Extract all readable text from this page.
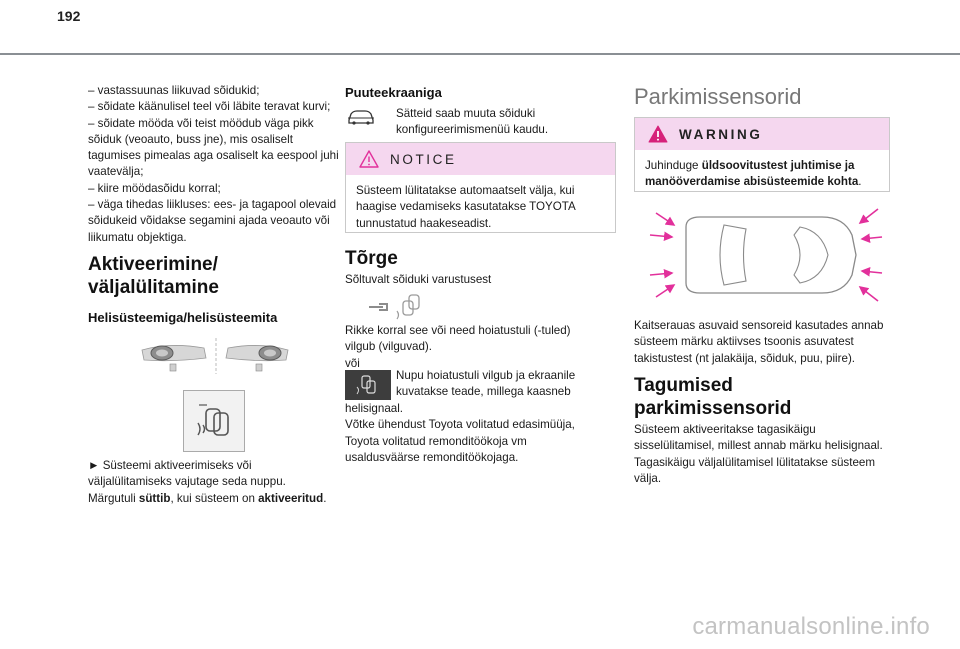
192

– vastassuunas liikuvad sõidukid;

– sõidate käänulisel teel või läbite teravat kurvi;

– sõidate mööda või teist möödub väga pikk

sõiduk (veoauto, buss jne), mis osaliselt

tagumises pimealas aga osaliselt ka eespool juhi

vaatevälja;

– kiire möödasõidu korral;

– väga tihedas liikluses: ees- ja tagapool olevaid

sõidukeid võidakse segamini ajada veoauto või

liikumatu objektiga.

Aktiveerimine/
väljalülitamine
Helisüsteemiga/helisüsteemita

► Süsteemi aktiveerimiseks või

väljalülitamiseks vajutage seda nuppu.

Märgutuli süttib, kui süsteem on aktiveeritud.

Puuteekraaniga

Sätteid saab muuta sõiduki

konfigureerimismenüü kaudu.

NOTICE

Süsteem lülitatakse automaatselt välja, kui

haagise vedamiseks kasutatakse TOYOTA

tunnustatud haakeseadist.

Tõrge

Sõltuvalt sõiduki varustusest

Rikke korral see või need hoiatustuli (-tuled)

vilgub (vilguvad).

või

Nupu hoiatustuli vilgub ja ekraanile

kuvatakse teade, millega kaasneb

helisignaal.

Võtke ühendust Toyota volitatud edasimüüja,

Toyota volitatud remonditöökoja vm

usaldusväärse remonditöökojaga.

Parkimissensorid
WARNING

Juhinduge üldsoovitustest juhtimise ja

manööverdamise abisüsteemide kohta.

Kaitserauas asuvaid sensoreid kasutades annab

süsteem märku aktiivses tsoonis asuvatest

takistustest (nt jalakäija, sõiduk, puu, piire).

Tagumised
parkimissensorid

Süsteem aktiveeritakse tagasikäigu

sisselülitamisel, millest annab märku helisignaal.

Tagasikäigu väljalülitamisel lülitatakse süsteem

välja.

carmanualsonline.info
